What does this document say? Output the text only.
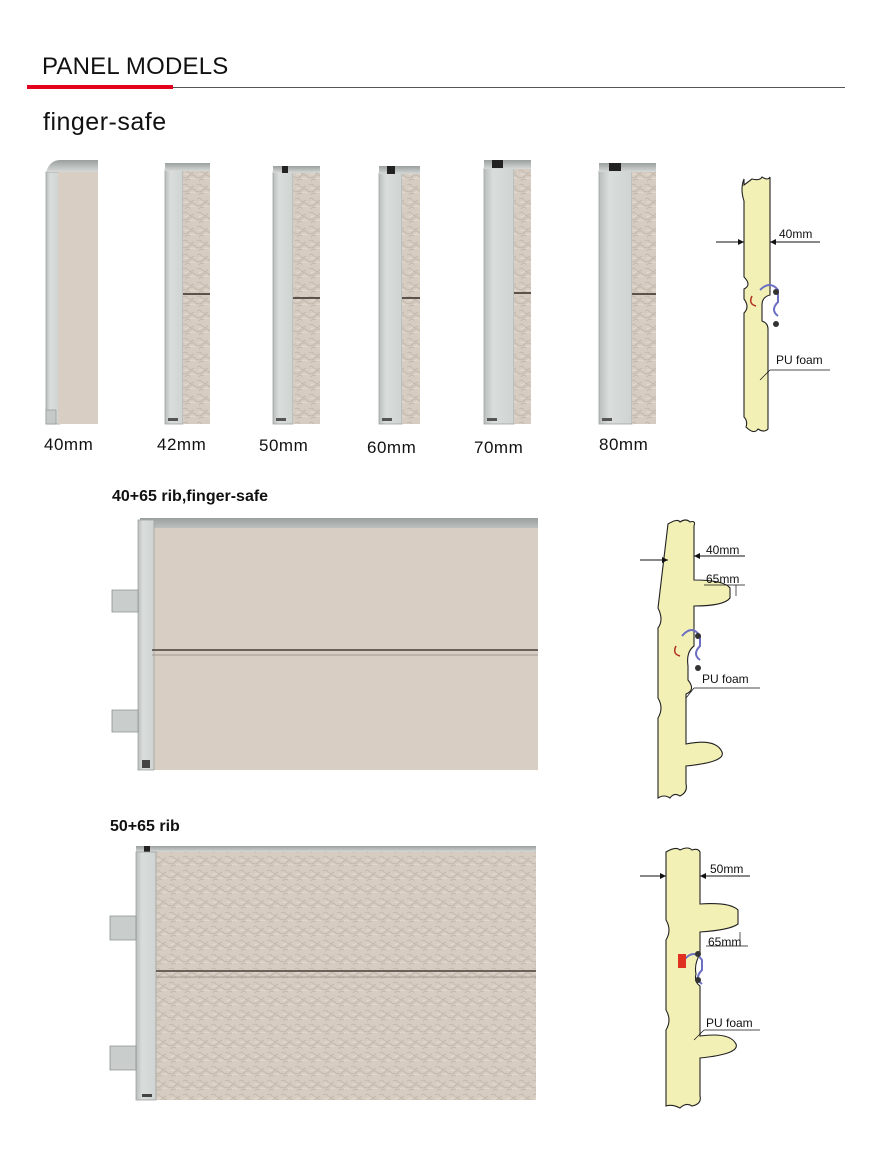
PANEL MODELS
finger-safe
40mm	42mm	50mm	60mm	70mm	80mm
40mm
PU foam
40+65 rib,finger-safe
40mm
65mm
PU foam
50+65 rib
50mm
65mm
PU foam
